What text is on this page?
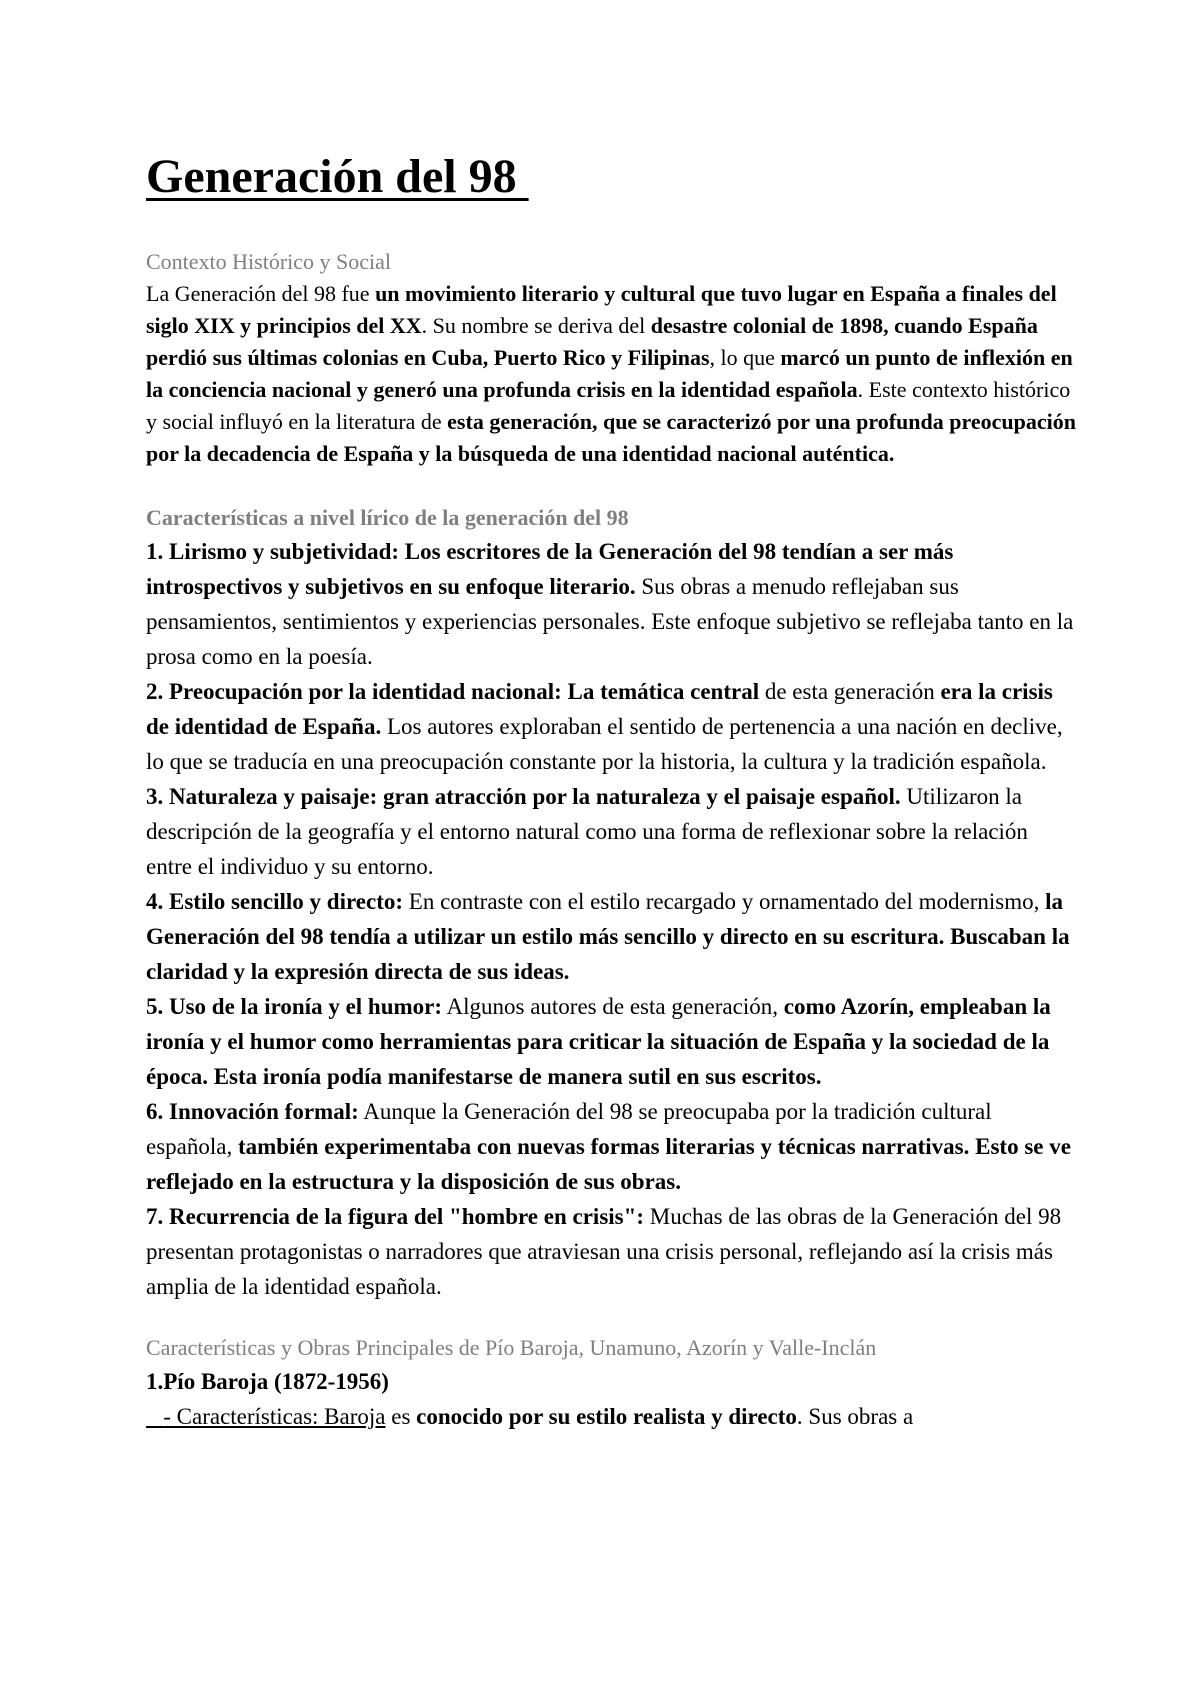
Generación del 98
Contexto Histórico y Social

La Generación del 98 fue un movimiento literario y cultural que tuvo lugar en España a finales del siglo XIX y principios del XX. Su nombre se deriva del desastre colonial de 1898, cuando España perdió sus últimas colonias en Cuba, Puerto Rico y Filipinas, lo que marcó un punto de inflexión en la conciencia nacional y generó una profunda crisis en la identidad española. Este contexto histórico y social influyó en la literatura de esta generación, que se caracterizó por una profunda preocupación por la decadencia de España y la búsqueda de una identidad nacional auténtica.

Características a nivel lírico de la generación del 98

1. Lirismo y subjetividad: Los escritores de la Generación del 98 tendían a ser más introspectivos y subjetivos en su enfoque literario. Sus obras a menudo reflejaban sus pensamientos, sentimientos y experiencias personales. Este enfoque subjetivo se reflejaba tanto en la prosa como en la poesía.

2. Preocupación por la identidad nacional: La temática central de esta generación era la crisis de identidad de España. Los autores exploraban el sentido de pertenencia a una nación en declive, lo que se traducía en una preocupación constante por la historia, la cultura y la tradición española.

3. Naturaleza y paisaje: gran atracción por la naturaleza y el paisaje español. Utilizaron la descripción de la geografía y el entorno natural como una forma de reflexionar sobre la relación entre el individuo y su entorno.

4. Estilo sencillo y directo: En contraste con el estilo recargado y ornamentado del modernismo, la Generación del 98 tendía a utilizar un estilo más sencillo y directo en su escritura. Buscaban la claridad y la expresión directa de sus ideas.

5. Uso de la ironía y el humor: Algunos autores de esta generación, como Azorín, empleaban la ironía y el humor como herramientas para criticar la situación de España y la sociedad de la época. Esta ironía podía manifestarse de manera sutil en sus escritos.

6. Innovación formal: Aunque la Generación del 98 se preocupaba por la tradición cultural española, también experimentaba con nuevas formas literarias y técnicas narrativas. Esto se ve reflejado en la estructura y la disposición de sus obras.

7. Recurrencia de la figura del "hombre en crisis": Muchas de las obras de la Generación del 98 presentan protagonistas o narradores que atraviesan una crisis personal, reflejando así la crisis más amplia de la identidad española.

Características y Obras Principales de Pío Baroja, Unamuno, Azorín y Valle-Inclán
1.Pío Baroja (1872-1956)

- Características: Baroja es conocido por su estilo realista y directo. Sus obras a
